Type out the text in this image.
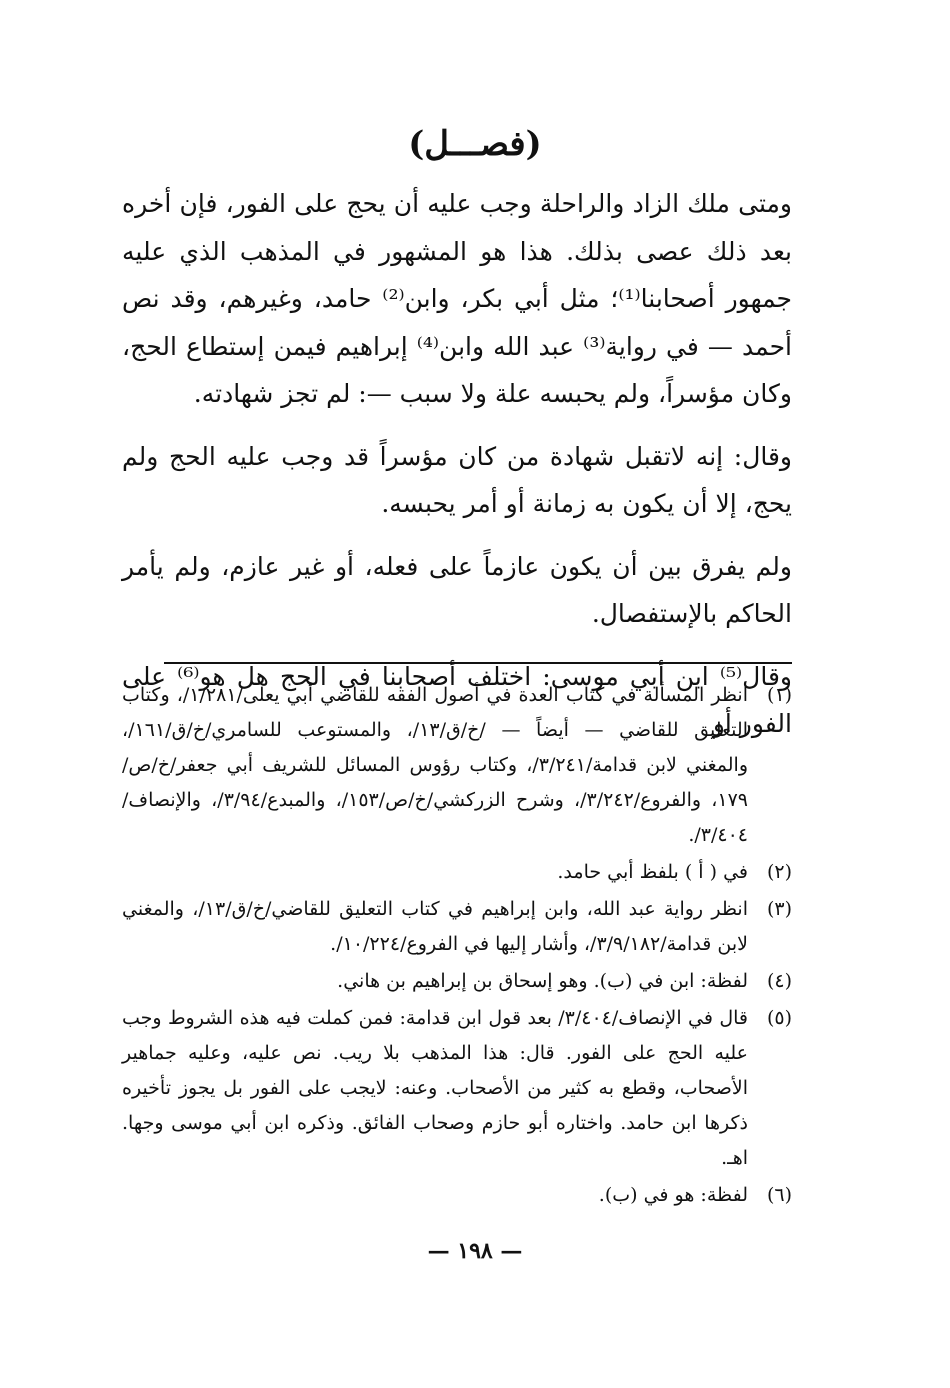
(فصـــل)

ومتى ملك الزاد والراحلة وجب عليه أن يحج على الفور، فإن أخره بعد ذلك عصى بذلك. هذا هو المشهور في المذهب الذي عليه جمهور أصحابنا⁽¹⁾؛ مثل أبي بكر، وابن⁽²⁾ حامد، وغيرهم، وقد نص أحمد — في رواية⁽³⁾ عبد الله وابن⁽⁴⁾ إبراهيم فيمن إستطاع الحج، وكان مؤسراً، ولم يحبسه علة ولا سبب —: لم تجز شهادته.

وقال: إنه لاتقبل شهادة من كان مؤسراً قد وجب عليه الحج ولم يحج، إلا أن يكون به زمانة أو أمر يحبسه.

ولم يفرق بين أن يكون عازماً على فعله، أو غير عازم، ولم يأمر الحاكم بالإستفصال.

وقال⁽⁵⁾ ابن أبي موسى: اختلف أصحابنا في الحج هل هو⁽⁶⁾ على الفور أو

(١)
انظر المسألة في كتاب العدة في أصول الفقه للقاضي أبي يعلى/١/٢٨١/، وكتاب التعليق للقاضي — أيضاً — /خ/ق/١٣/، والمستوعب للسامري/خ/ق/١٦١/، والمغني لابن قدامة/٣/٢٤١/، وكتاب رؤوس المسائل للشريف أبي جعفر/خ/ص/١٧٩، والفروع/٣/٢٤٢/، وشرح الزركشي/خ/ص/١٥٣/، والمبدع/٣/٩٤/، والإنصاف/٣/٤٠٤/.
(٢)
في ( أ ) بلفظ أبي حامد.
(٣)
انظر رواية عبد الله، وابن إبراهيم في كتاب التعليق للقاضي/خ/ق/١٣/، والمغني لابن قدامة/٣/٩/١٨٢/، وأشار إليها في الفروع/١٠/٢٢٤/.
(٤)
لفظة: ابن في (ب). وهو إسحاق بن إبراهيم بن هاني.
(٥)
قال في الإنصاف/٣/٤٠٤/ بعد قول ابن قدامة: فمن كملت فيه هذه الشروط وجب عليه الحج على الفور. قال: هذا المذهب بلا ريب. نص عليه، وعليه جماهير الأصحاب، وقطع به كثير من الأصحاب. وعنه: لايجب على الفور بل يجوز تأخيره ذكرها ابن حامد. واختاره أبو حازم وصحاب الفائق. وذكره ابن أبي موسى وجها. اهـ.
(٦)
لفظة: هو في (ب).
— ١٩٨ —
